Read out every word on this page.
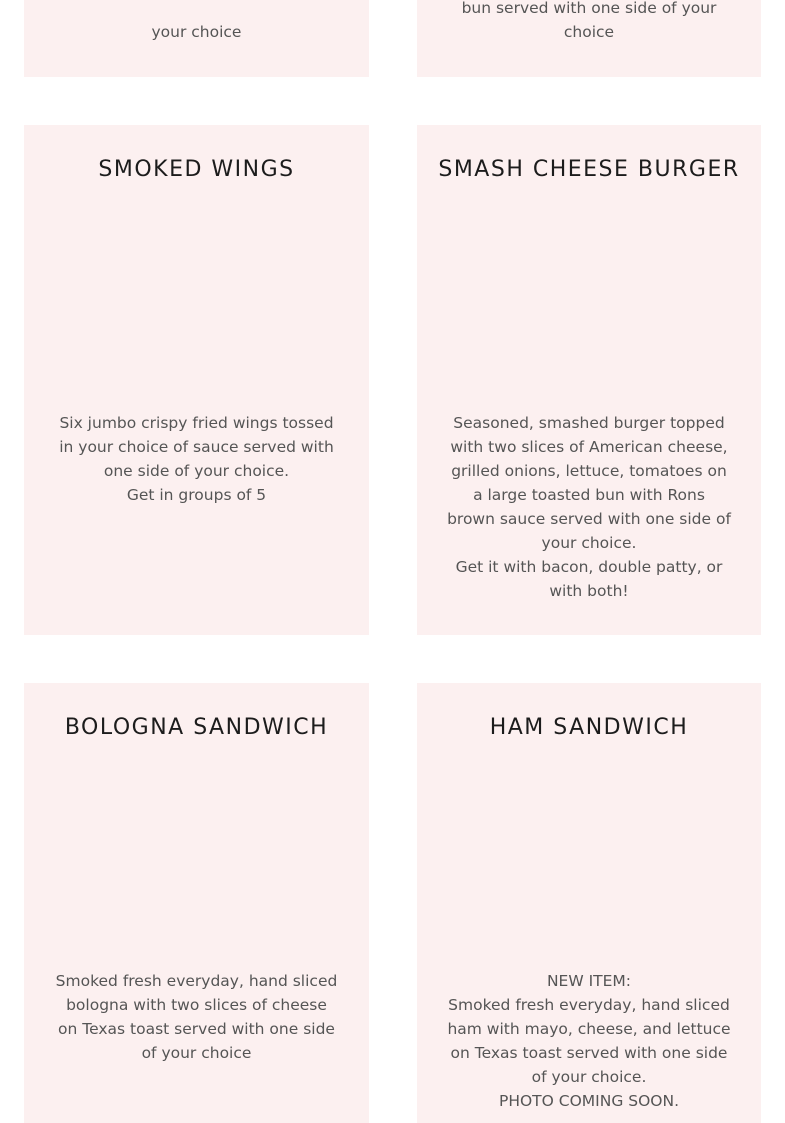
your choice

bun served with one side of your choice

SMOKED WINGS

Six jumbo crispy fried wings tossed in your choice of sauce served with one side of your choice.

Get in groups of 5

SMASH CHEESE BURGER

Seasoned, smashed burger topped with two slices of American cheese, grilled onions, lettuce, tomatoes on a large toasted bun with Rons brown sauce served with one side of your choice.

Get it with bacon, double patty, or with both!

BOLOGNA SANDWICH

Smoked fresh everyday, hand sliced bologna with two slices of cheese on Texas toast served with one side of your choice

HAM SANDWICH

NEW ITEM:

Smoked fresh everyday, hand sliced ham with mayo, cheese, and lettuce on Texas toast served with one side of your choice.

PHOTO COMING SOON.
